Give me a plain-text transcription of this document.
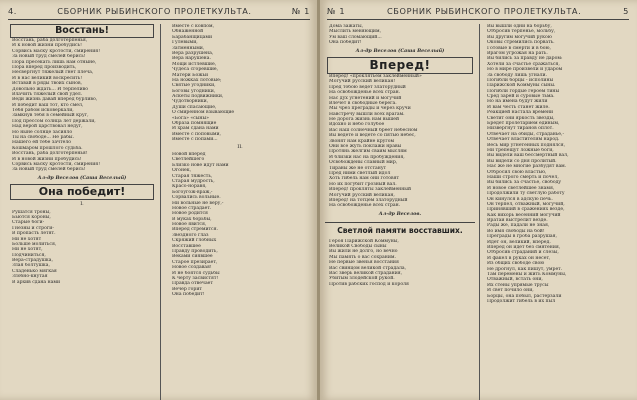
4.	СБОРНИК РЫБИНСКОГО ПРОЛЕТКУЛЬТА.	№ 1
Восстань!
Восстань, раба долготерпенья,
И к новой жизни пробудись!
Сорвись маску кротости, смирения!
За новый труд смелей берись!
Пора пресекать лишь нам отныне,
Пора вперёд производить,
Несвергнут тяжелый гнет плеча,
И в нас великий воскресить!
Вставай в ряды твоих сынов,
Довольно ждать... И терпеливо
Влачить тяжелый свой удел.
Веди жизнь давай вперед бурливо,
И победит ваш тот, кто смел,
Тебя рабом исковеркали,
Замкнув тебя в семейный круг,
Под прессом солнца лет держали,
Над верой царствовал недуг,
Но ныне солнце засияло
Ты на свободе... Не рабы.
Нашего ей тебе зачтело
Кошмаром прошлого судьба.
Восстань, раба долготерпенья!
И в новой жизни пробудись!
Сорвись маску кротости, смирения!
За новый труд смелей берись!
Ал-др Веселов (Саша Веселый)
Она победит!
I.
Рушатся троны,
Бьются короны,
Старые боги-
Гнезны и строги-
В пропасть летят.
Ни не хотят
Больше молиться,
Ни не хотят,
Подчиниться,
Вера-страдушка,
Злая болтушка,
Сладенько мягкая
Злобно-кнутая
В архив сдана нами
Вместе с ковпом,
Обнаженной
Барабанщицами
Гулевыми,
Затменными,
Вера разрушена,
Вера нарушена.
Мощи истлевшие,
Чудеса сгоревшие,
Матери Божьи
На ножках лотовые;
Святые угодники,
Боговы угодники,
Аскеты подвижники,
Чудотворники,
Души спасающие,
О смиренном взывающие
«Бога» «сыны»
Образа помнящие
И храм сдана нами
Вместе с поповыми,
Вместе с попами...
II.
Новой вперёд
Светлейшего
Близко нове идут нами
Огонек,
Старая тяжесть,
Старая мудрость,
Красо-норавя,
Богоугож-враж,-
Сорвались вольные.
Ни вольные не веру,-
Новое страдает.
Новое родится
В муках борьбы,
Новое явится,
Вперёд стремится.
Звёздного глаз
Скряжий глобных
Восставшее
Правду проводить,
Веками сиявшее
Старое презирает,
Новое создавая!
И не боятся судьбы
К черту засвистят!
Правда отвечает
Вечер горит
Она победит!
№ 1	СБОРНИК РЫБИНСКОГО ПРОЛЕТКУЛЬТА.	5
Дома зажаты,
Мыслить меняющим,
Ум ваш сломающий...
Она победит!
Ал-др Веселов (Саша Веселый)
Вперед!
Вперед! «проклятьем заклейменный»
Могучий русский великан!
Пред тобою ведет златорудный
На освобожденье всех стран.
Нас дух угнетений и могучий
Влечет в свободные берега.
Мы чрез преграды и через кручи
Навстречу вышли всех врагам.
Не дорога жизнь нам вышей
Вдохно и небо голубое
Вас наш солнечный бреет небесном
Вы ведёте и ведёте со пятью небес,
Звонят нам крайне кругом
Они все жуть поклажи нравы
Протянь желгим сваим мыслям
И близки нас на пробуждения,
Освобождены славный мир,
Тираны же не отстанут
Пред ними светлый идол
Хоть гибель нам они готовят
Но их погубит грозный вал.
Вперед! прокляты заклейменный
Могучий русский великан,
Вперед! на тотцем златорудный
На освобожденье всех стран.
Ал-др Веселов.
Светлой памяти восставших.
Героя Парижской Коммуны,
Великой Свободы сыны
Вы жили не долго, но вечно
Мы память о вас сохраним.
Не первые звенья восстания
Вас свинцом великой страдала,
Вас зверь великой страдания,
Убитым злодейской рукой.
Против рабских господ и короля
Вы вышли одни на борьбу,
Отбросив терпенье, мольбу,
Вы другим могучий рукою
Оковы стремились порвать.
Готовые в смерти и в бою,
Врагом угрожая на рать.
Вы бились за правду не даром:
Хотели за счастье сражаться,
Но в мире произвели и ударом
За свободу лишь угнали.
Погибли борцы - исполины
Парижской Коммуны сыны.
Погибли гордые героем тины
Сред зарей и суровые тьма.
Но на имена будут жили
И вам честь станет жиле.
Реакцией настала времени
Светит они яркость звезды,
Бредет пролетарием единым,
Низвергнут тиранов оплот.
Отвечает на обиды, страданье,-
Отвечает властителям народ.
Весь мир угнетенных поднялся,
Ни трепещут ложные боги,
Вы видели ваш бессмертный вал,
Вы видели со дня пролитый.
Нас же не многие разбудят вам.
Отбросил свою властью,
Наши строго смерть и почел,
Вы бились за счастье, свободу
И новое светлейшее знамя,
Продолжили ту светлую работу
Он кинулся в адскую печь.
Он терпел, отважный, могучий,
Принявший в сражениях везде,
Как вихорь весенний могучий
Вратаи выстрелит везде.
Рады же, падали не зная,
Во имя свободы на бой!
Преграды в гроба разрушая,
Идет он, великий, вперед.
Вперед он идет без смятения,
Отбросив страданий и слезы,
И факел в руках он несет,
Из общих свободе свою
Не дрогнул, как пишут, умрет.
Там перемены и жить Коммуны,
Отважный, встать они,
Их стены упрямые трусы
И свет почило они,
Борцы, она побыл, растерзали
Продолжит гибель в их пыл
